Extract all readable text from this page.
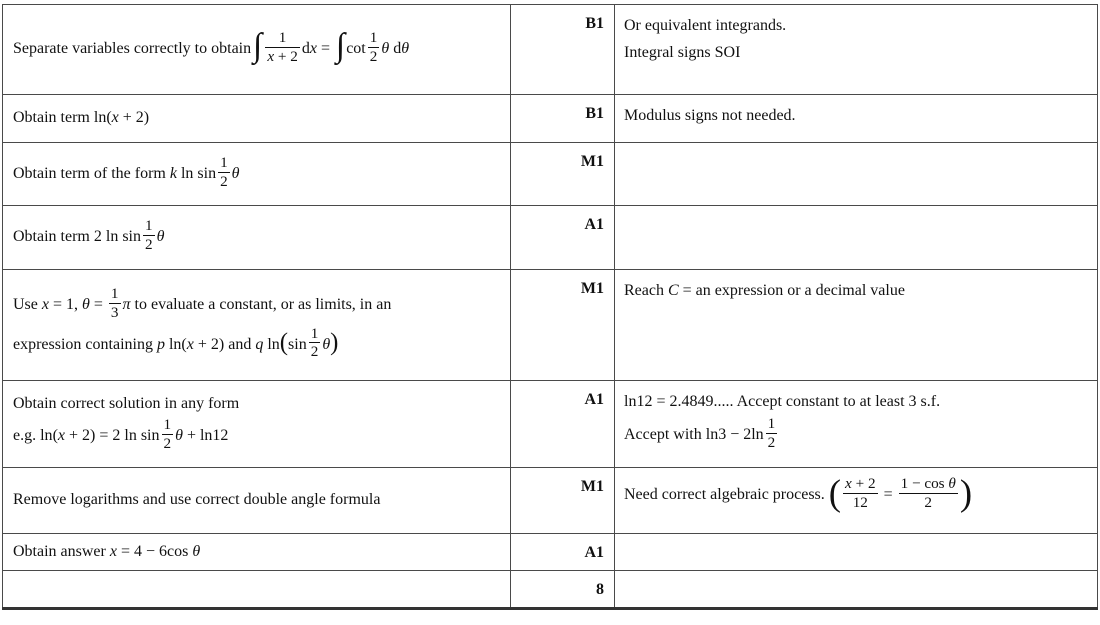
Separate variables correctly to obtain∫ $\frac{1}{x + 2}$ dx = $\int\cot \frac{1}{2}$ θ dθ	B1	Or equivalent integrands.
Integral signs SOI

Obtain term ln(x + 2)	B1	Modulus signs not needed.

Obtain term of the form k $\ln \sin \frac{1}{2}$ θ	M1	
Obtain term 2 $\ln \sin \frac{1}{2}$ θ	A1	

Use x = 1, $\theta = \frac{1}{3}$ π to evaluate a constant, or as limits, in an
expression containing p ln(x + 2) and q $\ln(\sin \frac{1}{2} \theta)$
	M1	Reach C = an expression or a decimal value

Obtain correct solution in any form
e.g. ln(x + 2) = 2 $\ln \sin \frac{1}{2}$ θ + ln12	A1	ln12 = 2.4849..... Accept constant to at least 3 s.f.
Accept with $\ln 3 - 2\ln \frac{1}{2}$

Remove logarithms and use correct double angle formula	M1	Need correct algebraic process. ( $\frac{x + 2}{12} = \frac{\text{1 − cos θ}}{2}$ )

Obtain answer x = 4 − 6cos θ	A1	
	8	
